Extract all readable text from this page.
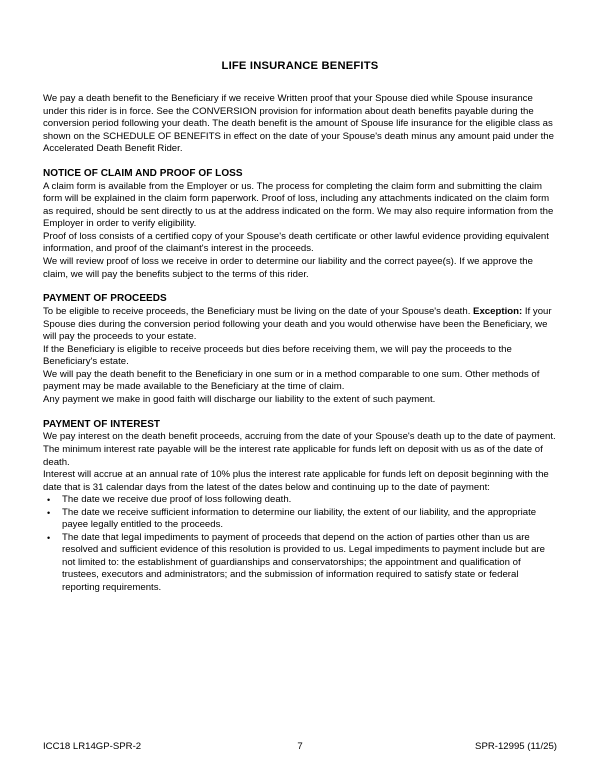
LIFE INSURANCE BENEFITS

We pay a death benefit to the Beneficiary if we receive Written proof that your Spouse died while Spouse insurance under this rider is in force. See the CONVERSION provision for information about death benefits payable during the conversion period following your death. The death benefit is the amount of Spouse life insurance for the eligible class as shown on the SCHEDULE OF BENEFITS in effect on the date of your Spouse's death minus any amount paid under the Accelerated Death Benefit Rider.

NOTICE OF CLAIM AND PROOF OF LOSS

A claim form is available from the Employer or us. The process for completing the claim form and submitting the claim form will be explained in the claim form paperwork. Proof of loss, including any attachments indicated on the claim form as required, should be sent directly to us at the address indicated on the form. We may also require information from the Employer in order to verify eligibility.

Proof of loss consists of a certified copy of your Spouse's death certificate or other lawful evidence providing equivalent information, and proof of the claimant's interest in the proceeds.

We will review proof of loss we receive in order to determine our liability and the correct payee(s). If we approve the claim, we will pay the benefits subject to the terms of this rider.

PAYMENT OF PROCEEDS

To be eligible to receive proceeds, the Beneficiary must be living on the date of your Spouse's death. Exception: If your Spouse dies during the conversion period following your death and you would otherwise have been the Beneficiary, we will pay the proceeds to your estate.

If the Beneficiary is eligible to receive proceeds but dies before receiving them, we will pay the proceeds to the Beneficiary's estate.

We will pay the death benefit to the Beneficiary in one sum or in a method comparable to one sum. Other methods of payment may be made available to the Beneficiary at the time of claim.

Any payment we make in good faith will discharge our liability to the extent of such payment.

PAYMENT OF INTEREST

We pay interest on the death benefit proceeds, accruing from the date of your Spouse's death up to the date of payment. The minimum interest rate payable will be the interest rate applicable for funds left on deposit with us as of the date of death.

Interest will accrue at an annual rate of 10% plus the interest rate applicable for funds left on deposit beginning with the date that is 31 calendar days from the latest of the dates below and continuing up to the date of payment:

• The date we receive due proof of loss following death.
• The date we receive sufficient information to determine our liability, the extent of our liability, and the appropriate payee legally entitled to the proceeds.
• The date that legal impediments to payment of proceeds that depend on the action of parties other than us are resolved and sufficient evidence of this resolution is provided to us. Legal impediments to payment include but are not limited to: the establishment of guardianships and conservatorships; the appointment and qualification of trustees, executors and administrators; and the submission of information required to satisfy state or federal reporting requirements.
ICC18 LR14GP-SPR-2	7	SPR-12995 (11/25)
